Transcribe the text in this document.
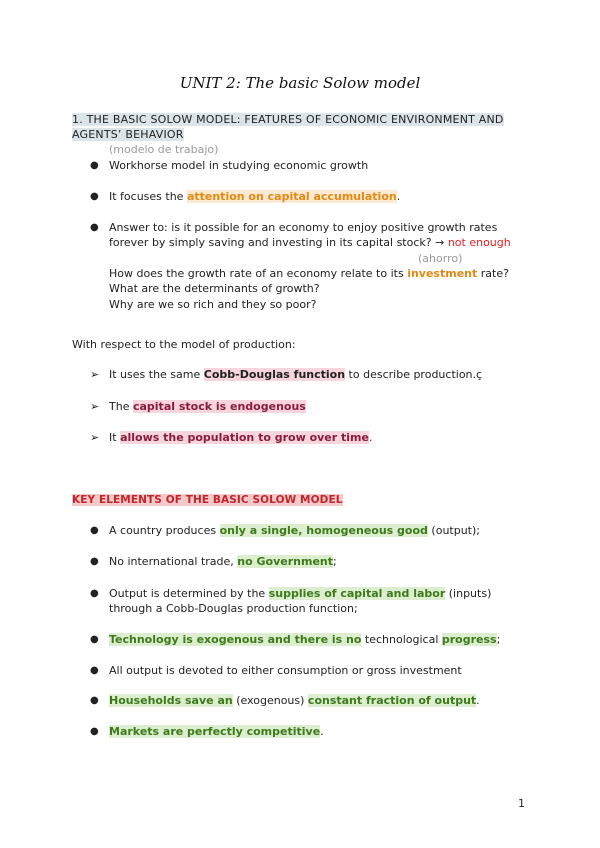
UNIT 2: The basic Solow model
1. THE BASIC SOLOW MODEL: FEATURES OF ECONOMIC ENVIRONMENT AND AGENTS’ BEHAVIOR
(modelo de trabajo)
● Workhorse model in studying economic growth
● It focuses the attention on capital accumulation.
● Answer to: is it possible for an economy to enjoy positive growth rates
forever by simply saving and investing in its capital stock? → not enough
(ahorro)
How does the growth rate of an economy relate to its investment rate?
What are the determinants of growth?
Why are we so rich and they so poor?
With respect to the model of production:
➢ It uses the same Cobb-Douglas function to describe production.ç
➢ The capital stock is endogenous
➢ It allows the population to grow over time.
KEY ELEMENTS OF THE BASIC SOLOW MODEL
● A country produces only a single, homogeneous good (output);
● No international trade, no Government;
● Output is determined by the supplies of capital and labor (inputs)
through a Cobb-Douglas production function;
● Technology is exogenous and there is no technological progress;
● All output is devoted to either consumption or gross investment
● Households save an (exogenous) constant fraction of output.
● Markets are perfectly competitive.
1
